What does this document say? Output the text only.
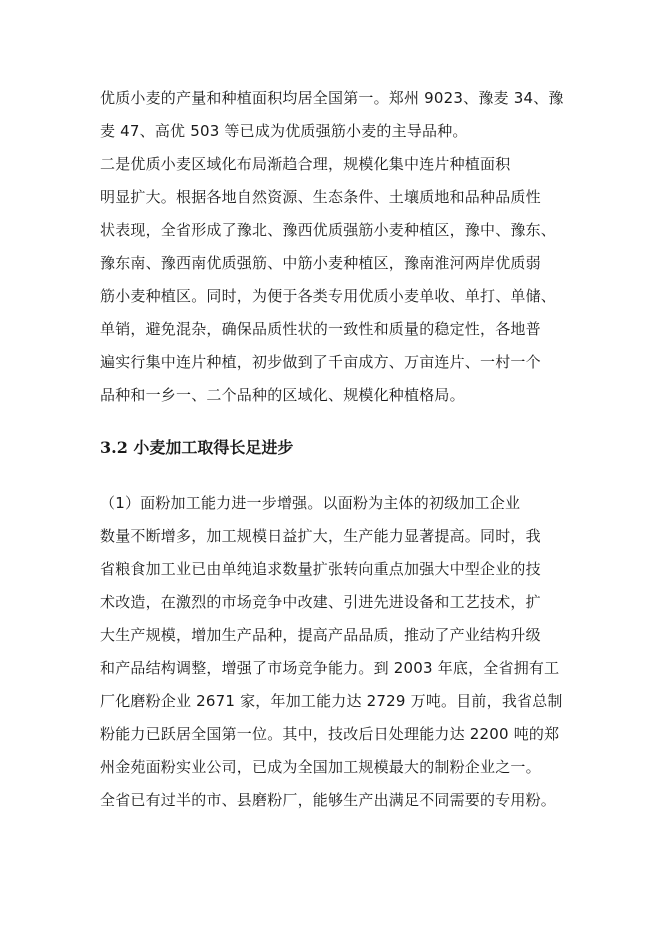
优质小麦的产量和种植面积均居全国第一。郑州 9023、豫麦 34、豫
麦 47、高优 503 等已成为优质强筋小麦的主导品种。
二是优质小麦区域化布局渐趋合理，规模化集中连片种植面积
明显扩大。根据各地自然资源、生态条件、土壤质地和品种品质性
状表现，全省形成了豫北、豫西优质强筋小麦种植区，豫中、豫东、
豫东南、豫西南优质强筋、中筋小麦种植区，豫南淮河两岸优质弱
筋小麦种植区。同时，为便于各类专用优质小麦单收、单打、单储、
单销，避免混杂，确保品质性状的一致性和质量的稳定性，各地普
遍实行集中连片种植，初步做到了千亩成方、万亩连片、一村一个
品种和一乡一、二个品种的区域化、规模化种植格局。
3.2 小麦加工取得长足进步
（1）面粉加工能力进一步增强。以面粉为主体的初级加工企业
数量不断增多，加工规模日益扩大，生产能力显著提高。同时，我
省粮食加工业已由单纯追求数量扩张转向重点加强大中型企业的技
术改造，在激烈的市场竞争中改建、引进先进设备和工艺技术，扩
大生产规模，增加生产品种，提高产品品质，推动了产业结构升级
和产品结构调整，增强了市场竞争能力。到 2003 年底，全省拥有工
厂化磨粉企业 2671 家，年加工能力达 2729 万吨。目前，我省总制
粉能力已跃居全国第一位。其中，技改后日处理能力达 2200 吨的郑
州金苑面粉实业公司，已成为全国加工规模最大的制粉企业之一。
全省已有过半的市、县磨粉厂，能够生产出满足不同需要的专用粉。
